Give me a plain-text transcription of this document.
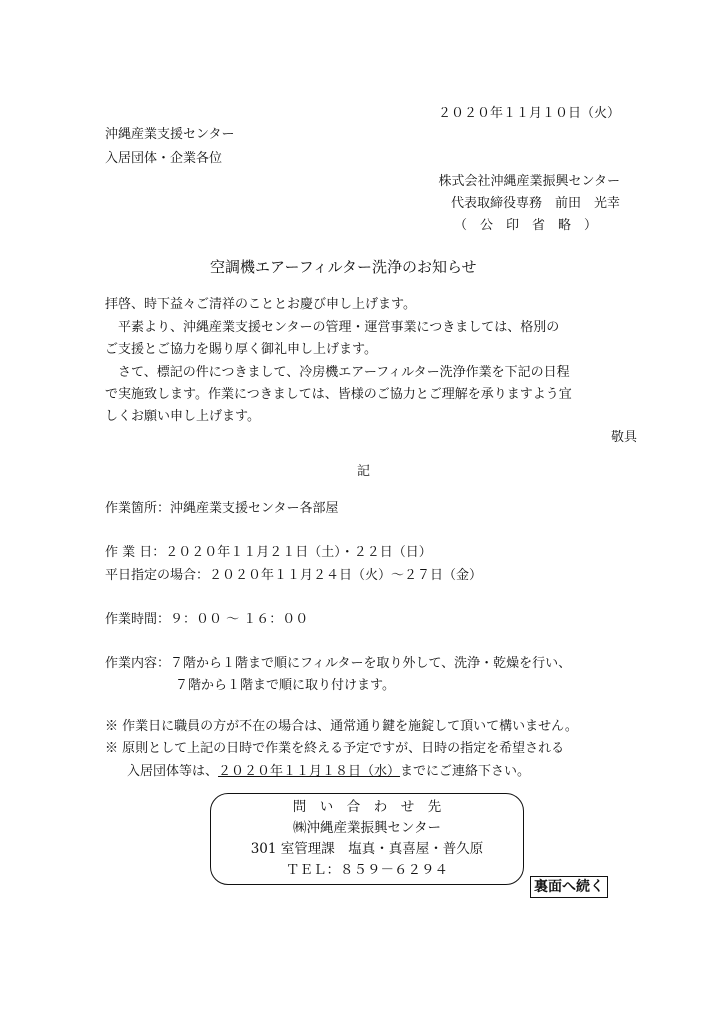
２０２０年１１月１０日（火）
沖縄産業支援センター
入居団体・企業各位
株式会社沖縄産業振興センター
代表取締役専務　前田　光幸
（　公　印　省　略　）
空調機エアーフィルター洗浄のお知らせ
拝啓、時下益々ご清祥のこととお慶び申し上げます。
　平素より、沖縄産業支援センターの管理・運営事業につきましては、格別の
ご支援とご協力を賜り厚く御礼申し上げます。
　さて、標記の件につきまして、冷房機エアーフィルター洗浄作業を下記の日程
で実施致します。作業につきましては、皆様のご協力とご理解を承りますよう宜
しくお願い申し上げます。
敬具
記
作業箇所：沖縄産業支援センター各部屋
作 業 日：２０２０年１１月２１日（土）・２２日（日）
平日指定の場合：２０２０年１１月２４日（火）～２７日（金）
作業時間：９：００ ～ １６：００
作業内容：７階から１階まで順にフィルターを取り外して、洗浄・乾燥を行い、
７階から１階まで順に取り付けます。
※ 作業日に職員の方が不在の場合は、通常通り鍵を施錠して頂いて構いません。
※ 原則として上記の日時で作業を終える予定ですが、日時の指定を希望される
入居団体等は、２０２０年１１月１８日（水）までにご連絡下さい。
問　い　合　わ　せ　先
㈱沖縄産業振興センター
301 室管理課　塩真・真喜屋・普久原
ＴＥＬ：８５９－６２９４
裏面へ続く
